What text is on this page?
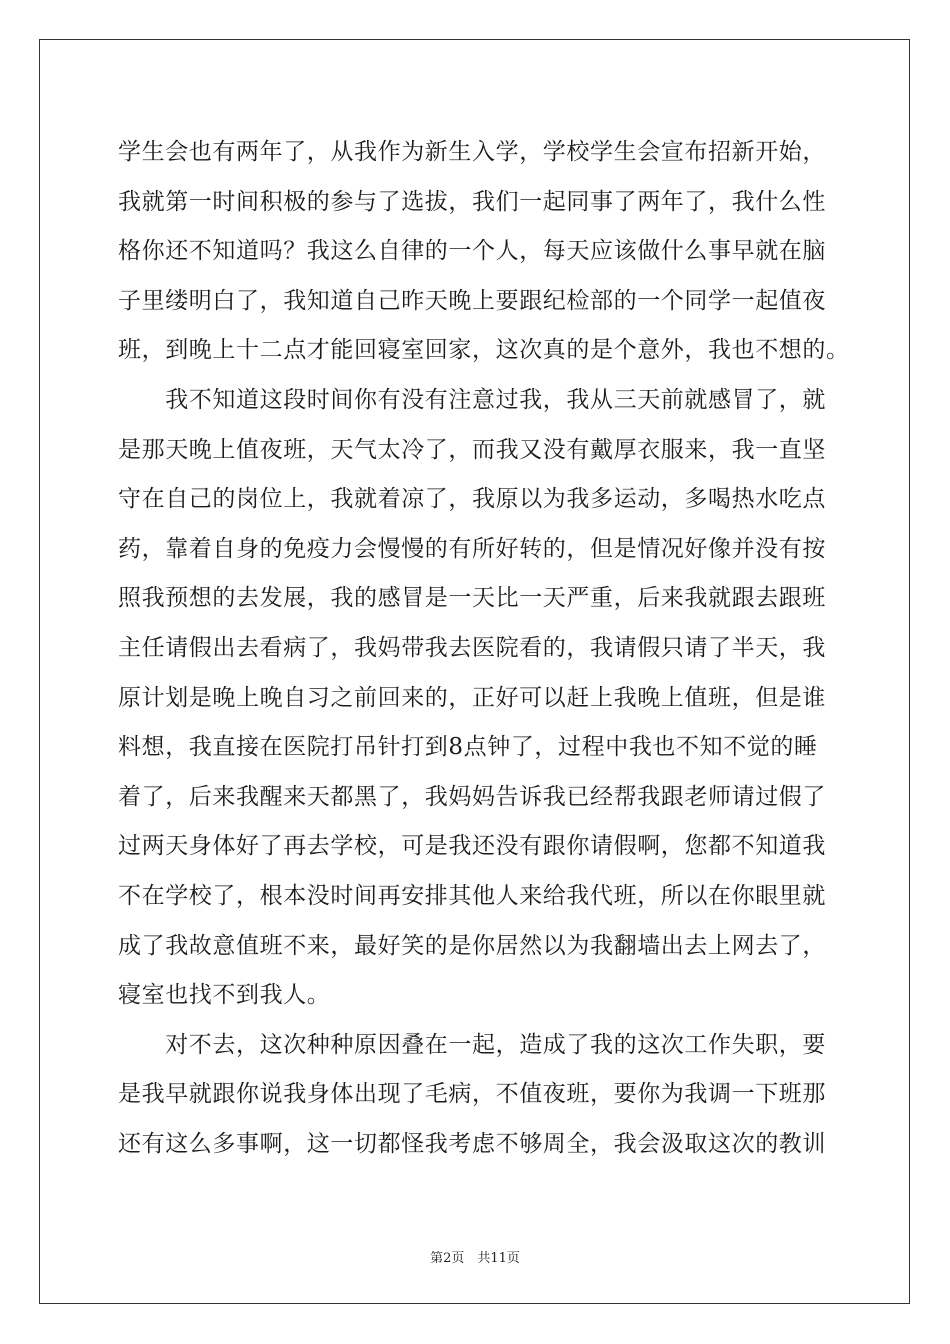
学生会也有两年了，从我作为新生入学，学校学生会宣布招新开始，
我就第一时间积极的参与了选拔，我们一起同事了两年了，我什么性
格你还不知道吗？我这么自律的一个人，每天应该做什么事早就在脑
子里缕明白了，我知道自己昨天晚上要跟纪检部的一个同学一起值夜
班，到晚上十二点才能回寝室回家，这次真的是个意外，我也不想的。
　　我不知道这段时间你有没有注意过我，我从三天前就感冒了，就
是那天晚上值夜班，天气太冷了，而我又没有戴厚衣服来，我一直坚
守在自己的岗位上，我就着凉了，我原以为我多运动，多喝热水吃点
药，靠着自身的免疫力会慢慢的有所好转的，但是情况好像并没有按
照我预想的去发展，我的感冒是一天比一天严重，后来我就跟去跟班
主任请假出去看病了，我妈带我去医院看的，我请假只请了半天，我
原计划是晚上晚自习之前回来的，正好可以赶上我晚上值班，但是谁
料想，我直接在医院打吊针打到8点钟了，过程中我也不知不觉的睡
着了，后来我醒来天都黑了，我妈妈告诉我已经帮我跟老师请过假了
过两天身体好了再去学校，可是我还没有跟你请假啊，您都不知道我
不在学校了，根本没时间再安排其他人来给我代班，所以在你眼里就
成了我故意值班不来，最好笑的是你居然以为我翻墙出去上网去了，
寝室也找不到我人。
　　对不去，这次种种原因叠在一起，造成了我的这次工作失职，要
是我早就跟你说我身体出现了毛病，不值夜班，要你为我调一下班那
还有这么多事啊，这一切都怪我考虑不够周全，我会汲取这次的教训
第2页　共11页
